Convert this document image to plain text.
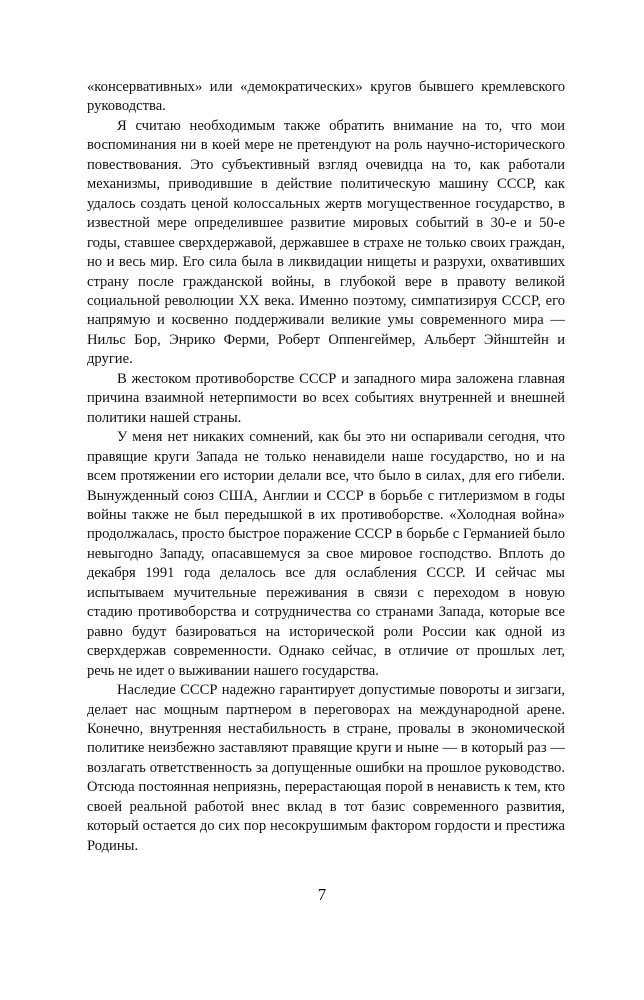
«консервативных» или «демократических» кругов бывшего кремлевского руководства.

Я считаю необходимым также обратить внимание на то, что мои воспоминания ни в коей мере не претендуют на роль научно-исторического повествования. Это субъективный взгляд очевидца на то, как работали механизмы, приводившие в действие политическую машину СССР, как удалось создать ценой колоссальных жертв могущественное государство, в известной мере определившее развитие мировых событий в 30-е и 50-е годы, ставшее сверхдержавой, державшее в страхе не только своих граждан, но и весь мир. Его сила была в ликвидации нищеты и разрухи, охвативших страну после гражданской войны, в глубокой вере в правоту великой социальной революции XX века. Именно поэтому, симпатизируя СССР, его напрямую и косвенно поддерживали великие умы современного мира — Нильс Бор, Энрико Ферми, Роберт Оппенгеймер, Альберт Эйнштейн и другие.

В жестоком противоборстве СССР и западного мира заложена главная причина взаимной нетерпимости во всех событиях внутренней и внешней политики нашей страны.

У меня нет никаких сомнений, как бы это ни оспаривали сегодня, что правящие круги Запада не только ненавидели наше государство, но и на всем протяжении его истории делали все, что было в силах, для его гибели. Вынужденный союз США, Англии и СССР в борьбе с гитлеризмом в годы войны также не был передышкой в их противоборстве. «Холодная война» продолжалась, просто быстрое поражение СССР в борьбе с Германией было невыгодно Западу, опасавшемуся за свое мировое господство. Вплоть до декабря 1991 года делалось все для ослабления СССР. И сейчас мы испытываем мучительные переживания в связи с переходом в новую стадию противоборства и сотрудничества со странами Запада, которые все равно будут базироваться на исторической роли России как одной из сверхдержав современности. Однако сейчас, в отличие от прошлых лет, речь не идет о выживании нашего государства.

Наследие СССР надежно гарантирует допустимые повороты и зигзаги, делает нас мощным партнером в переговорах на международной арене. Конечно, внутренняя нестабильность в стране, провалы в экономической политике неизбежно заставляют правящие круги и ныне — в который раз — возлагать ответственность за допущенные ошибки на прошлое руководство. Отсюда постоянная неприязнь, перерастающая порой в ненависть к тем, кто своей реальной работой внес вклад в тот базис современного развития, который остается до сих пор несокрушимым фактором гордости и престижа Родины.

7
